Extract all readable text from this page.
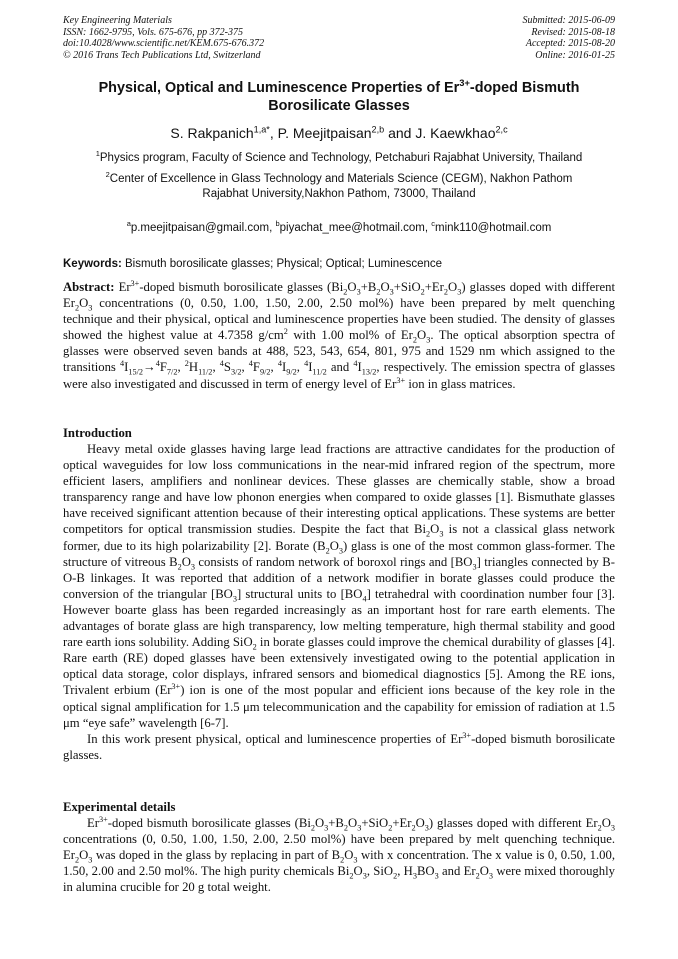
Key Engineering Materials
ISSN: 1662-9795, Vols. 675-676, pp 372-375
doi:10.4028/www.scientific.net/KEM.675-676.372
© 2016 Trans Tech Publications Ltd, Switzerland
Submitted: 2015-06-09
Revised: 2015-08-18
Accepted: 2015-08-20
Online: 2016-01-25
Physical, Optical and Luminescence Properties of $Er^{3+}$-doped Bismuth
Borosilicate Glasses
S. Rakpanich$^{1,a*}$, P. Meejitpaisan$^{2,b}$ and J. Kaewkhao$^{2,c}$
$^1$Physics program, Faculty of Science and Technology, Petchaburi Rajabhat University, Thailand
$^2$Center of Excellence in Glass Technology and Materials Science (CEGM), Nakhon Pathom
Rajabhat University,Nakhon Pathom, 73000, Thailand
$^a$p.meejitpaisan@gmail.com, $^b$piyachat_mee@hotmail.com, $^c$mink110@hotmail.com
Keywords: Bismuth borosilicate glasses; Physical; Optical; Luminescence

Abstract: $Er^{3+}$-doped bismuth borosilicate glasses $(Bi_2O_3+B_2O_3+SiO_2+Er_2O_3)$ glasses doped with different $Er_2O_3$ concentrations (0, 0.50, 1.00, 1.50, 2.00, 2.50 mol%) have been prepared by melt quenching technique and their physical, optical and luminescence properties have been studied. The density of glasses showed the highest value at 4.7358 $g/cm^2$ with 1.00 mol% of $Er_2O_3$. The optical absorption spectra of glasses were observed seven bands at 488, 523, 543, 654, 801, 975 and 1529 nm which assigned to the transitions $^4I_{15/2}\to^4F_{7/2}$, $^2H_{11/2}$, $^4S_{3/2}$, $^4F_{9/2}$, $^4I_{9/2}$, $^4I_{11/2}$ and $^4I_{13/2}$, respectively. The emission spectra of glasses were also investigated and discussed in term of energy level of $Er^{3+}$ ion in glass matrices.

Introduction

Heavy metal oxide glasses having large lead fractions are attractive candidates for the production of optical waveguides for low loss communications in the near-mid infrared region of the spectrum, more efficient lasers, amplifiers and nonlinear devices. These glasses are chemically stable, show a broad transparency range and have low phonon energies when compared to oxide glasses [1]. Bismuthate glasses have received significant attention because of their interesting optical applications. These systems are better competitors for optical transmission studies. Despite the fact that $Bi_2O_3$ is not a classical glass network former, due to its high polarizability [2]. Borate $(B_2O_3)$ glass is one of the most common glass-former. The structure of vitreous $B_2O_3$ consists of random network of boroxol rings and $[BO_3]$ triangles connected by B-O-B linkages. It was reported that addition of a network modifier in borate glasses could produce the conversion of the triangular $[BO_3]$ structural units to $[BO_4]$ tetrahedral with coordination number four [3]. However boarte glass has been regarded increasingly as an important host for rare earth elements. The advantages of borate glass are high transparency, low melting temperature, high thermal stability and good rare earth ions solubility. Adding SiO$_2$ in borate glasses could improve the chemical durability of glasses [4]. Rare earth (RE) doped glasses have been extensively investigated owing to the potential application in optical data storage, color displays, infrared sensors and biomedical diagnostics [5]. Among the RE ions, Trivalent erbium $(Er^{3+})$ ion is one of the most popular and efficient ions because of the key role in the optical signal amplification for 1.5 μm telecommunication and the capability for emission of radiation at 1.5 μm “eye safe” wavelength [6-7].

In this work present physical, optical and luminescence properties of $Er^{3+}$-doped bismuth borosilicate glasses.

Experimental details

$Er^{3+}$-doped bismuth borosilicate glasses $(Bi_2O_3+B_2O_3+SiO_2+Er_2O_3)$ glasses doped with different $Er_2O_3$ concentrations (0, 0.50, 1.00, 1.50, 2.00, 2.50 mol%) have been prepared by melt quenching technique. $Er_2O_3$ was doped in the glass by replacing in part of $B_2O_3$ with x concentration. The x value is 0, 0.50, 1.00, 1.50, 2.00 and 2.50 mol%. The high purity chemicals $Bi_2O_3$, SiO$_2$, $H_3BO_3$ and $Er_2O_3$ were mixed thoroughly in alumina crucible for 20 g total weight.
